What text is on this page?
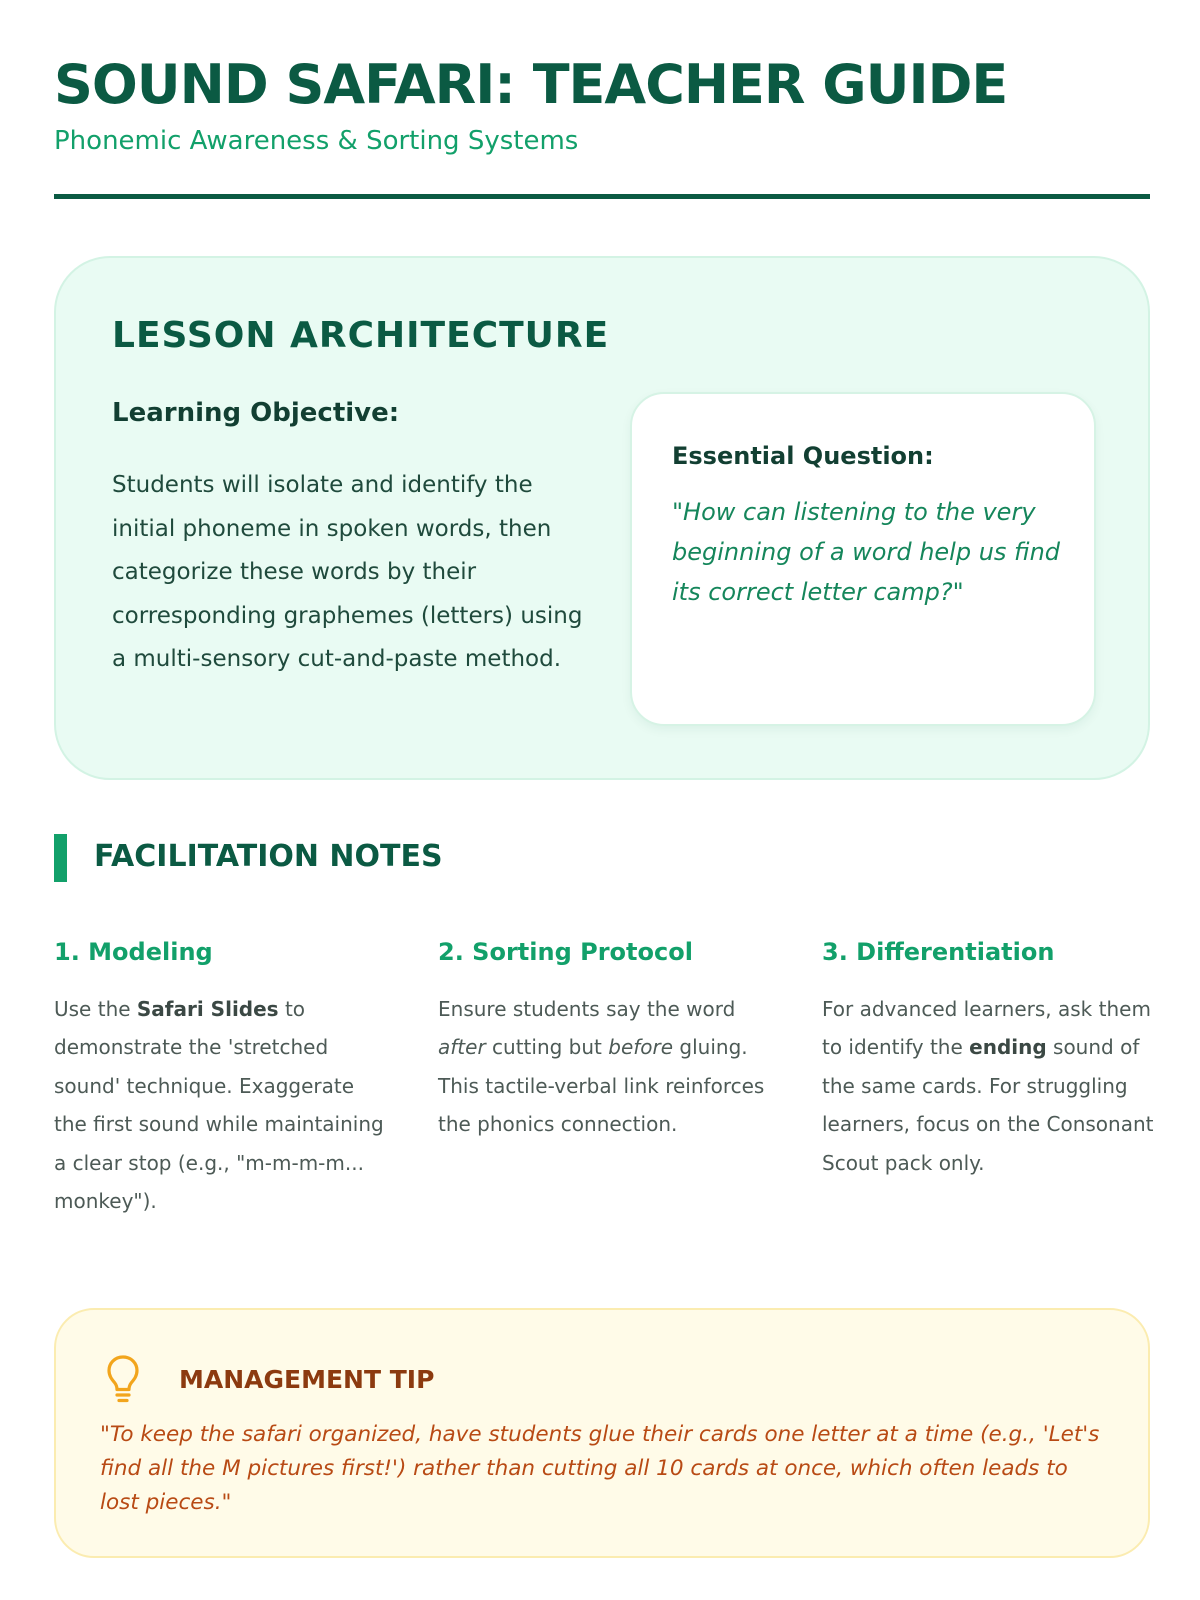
SOUND SAFARI: TEACHER GUIDE
Phonemic Awareness & Sorting Systems
LESSON ARCHITECTURE
Learning Objective:

Students will isolate and identify the initial phoneme in spoken words, then categorize these words by their corresponding graphemes (letters) using a multi-sensory cut-and-paste method.

Essential Question:

"How can listening to the very beginning of a word help us find its correct letter camp?"

FACILITATION NOTES
1. Modeling

Use the Safari Slides to demonstrate the 'stretched sound' technique. Exaggerate the first sound while maintaining a clear stop (e.g., "m-m-m-m... monkey").

2. Sorting Protocol

Ensure students say the word after cutting but before gluing. This tactile-verbal link reinforces the phonics connection.

3. Differentiation

For advanced learners, ask them to identify the ending sound of the same cards. For struggling learners, focus on the Consonant Scout pack only.

MANAGEMENT TIP

"To keep the safari organized, have students glue their cards one letter at a time (e.g., 'Let's find all the M pictures first!') rather than cutting all 10 cards at once, which often leads to lost pieces."
